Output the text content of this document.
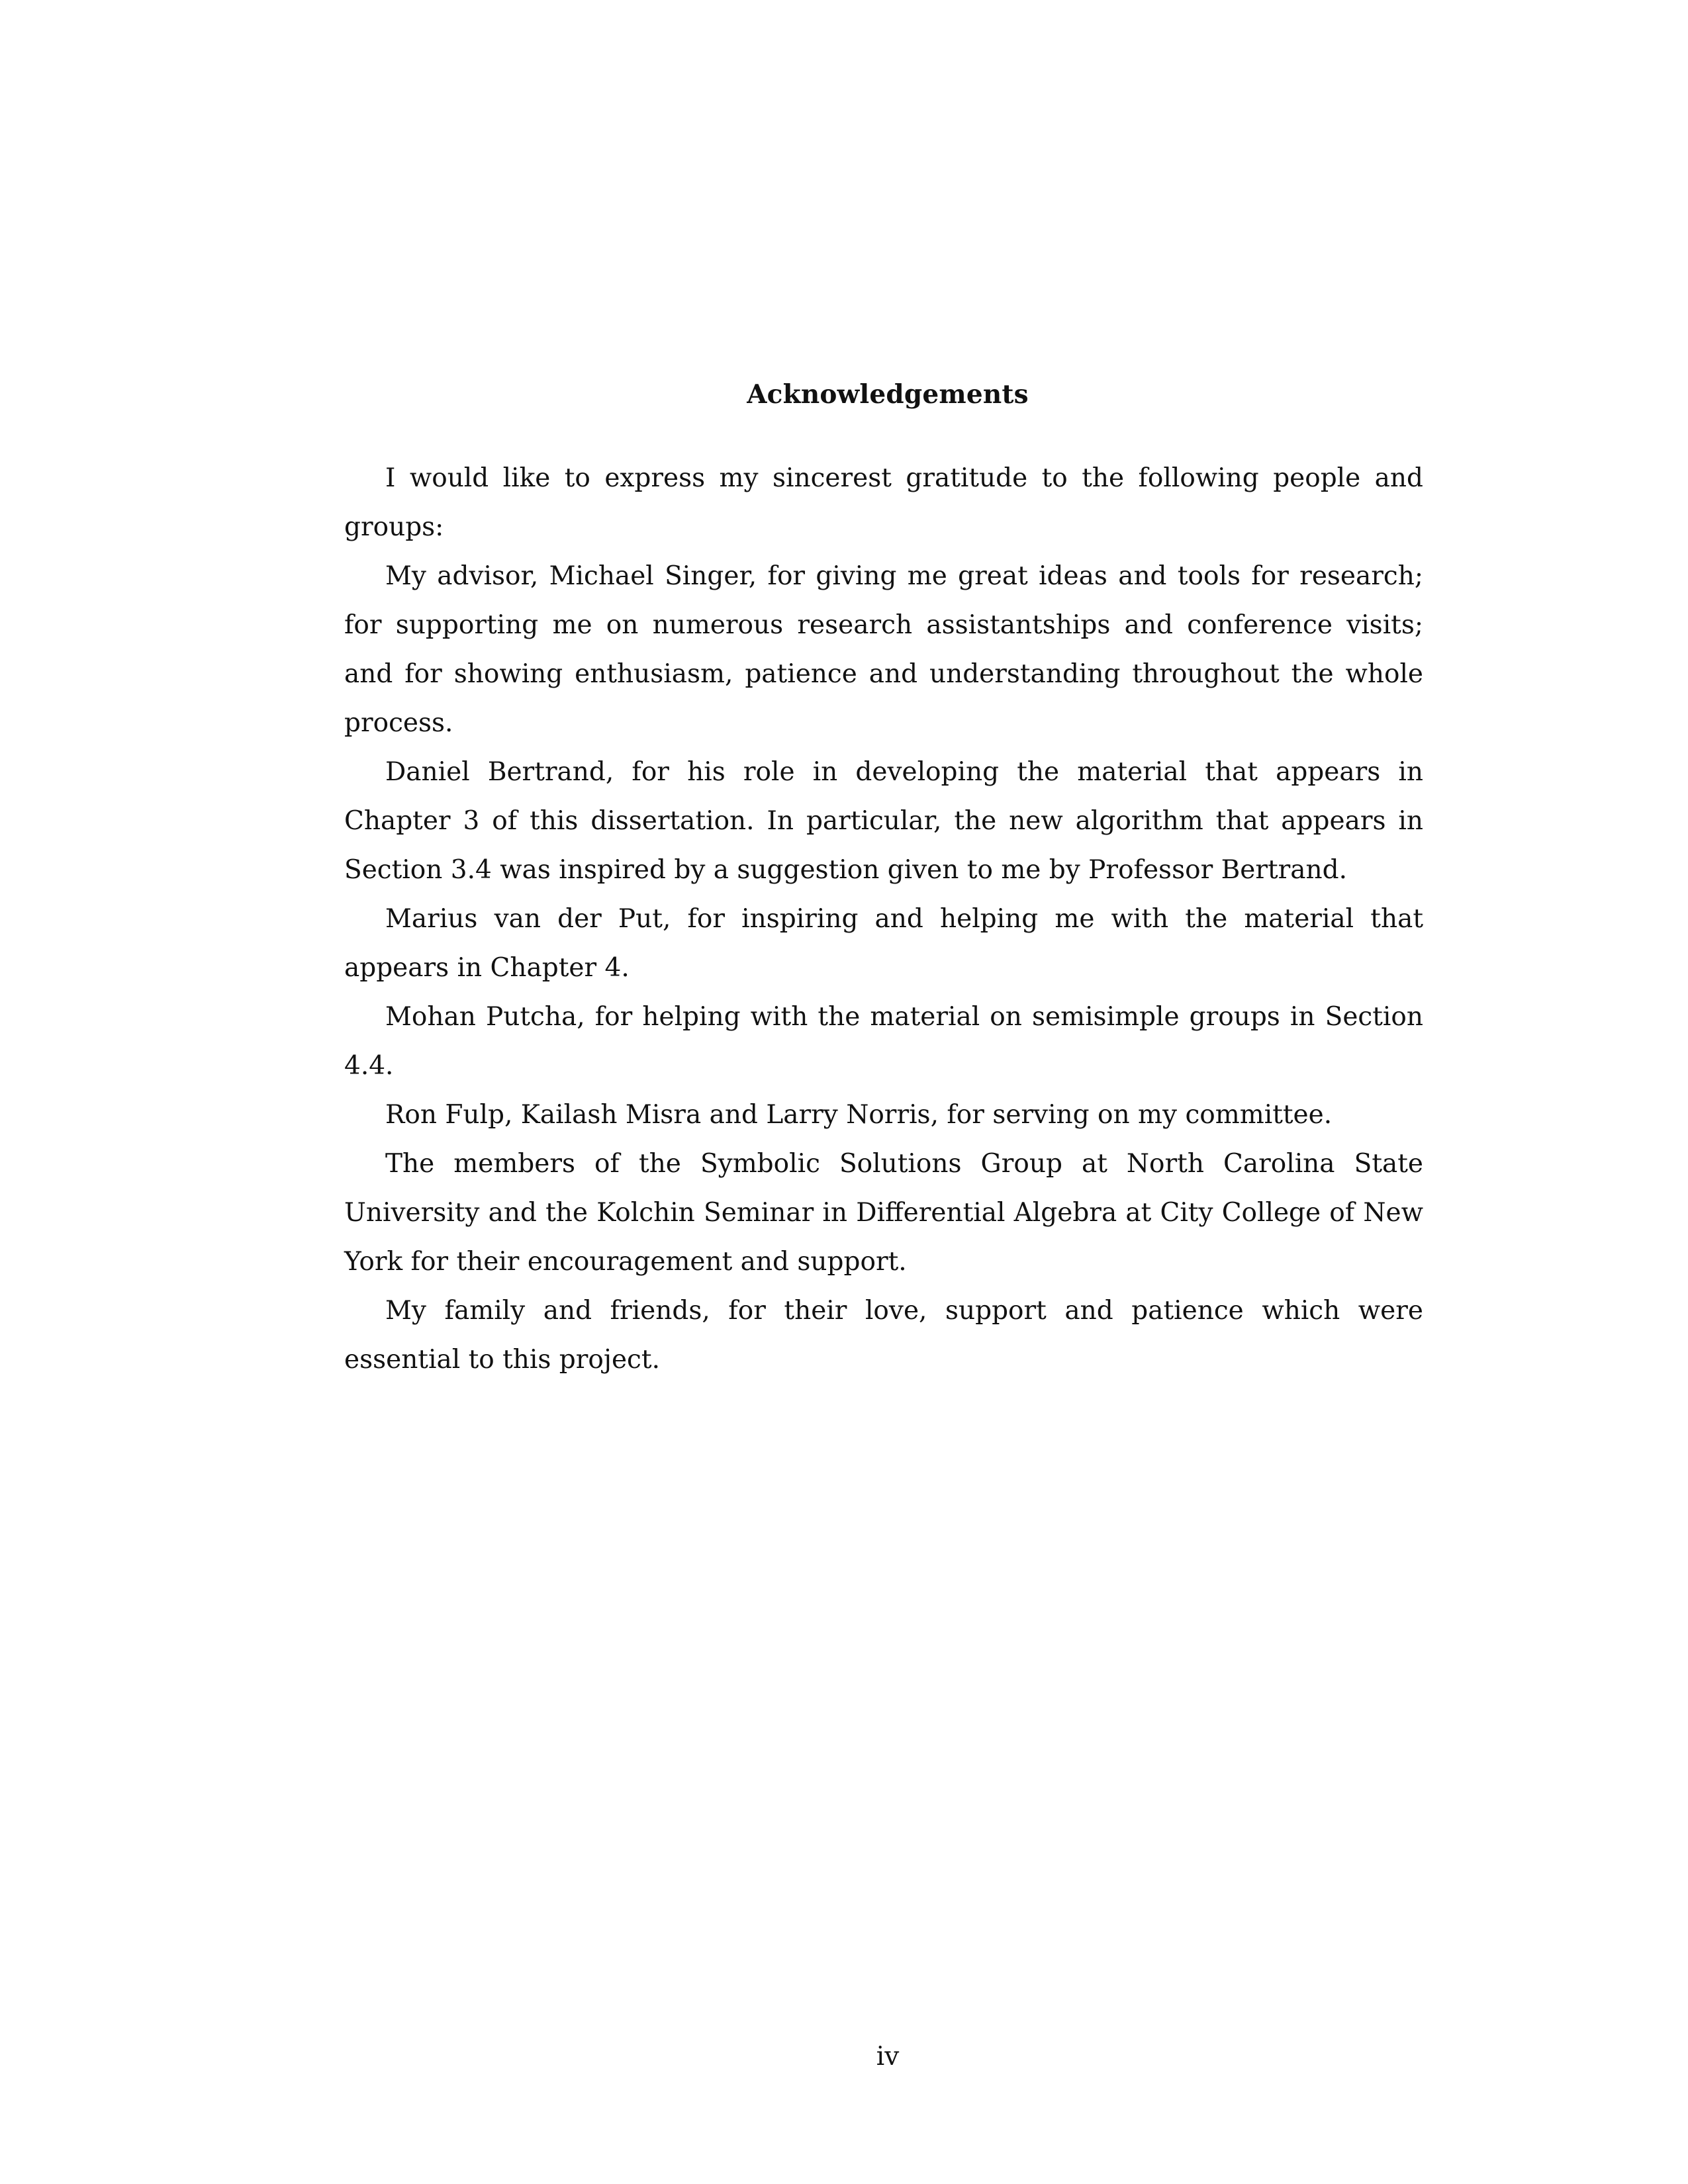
Acknowledgements

I would like to express my sincerest gratitude to the following people and groups:

My advisor, Michael Singer, for giving me great ideas and tools for research; for supporting me on numerous research assistantships and conference visits; and for showing enthusiasm, patience and understanding throughout the whole process.

Daniel Bertrand, for his role in developing the material that appears in Chapter 3 of this dissertation. In particular, the new algorithm that appears in Section 3.4 was inspired by a suggestion given to me by Professor Bertrand.

Marius van der Put, for inspiring and helping me with the material that appears in Chapter 4.

Mohan Putcha, for helping with the material on semisimple groups in Section 4.4.

Ron Fulp, Kailash Misra and Larry Norris, for serving on my committee.

The members of the Symbolic Solutions Group at North Carolina State University and the Kolchin Seminar in Differential Algebra at City College of New York for their encouragement and support.

My family and friends, for their love, support and patience which were essential to this project.

iv
